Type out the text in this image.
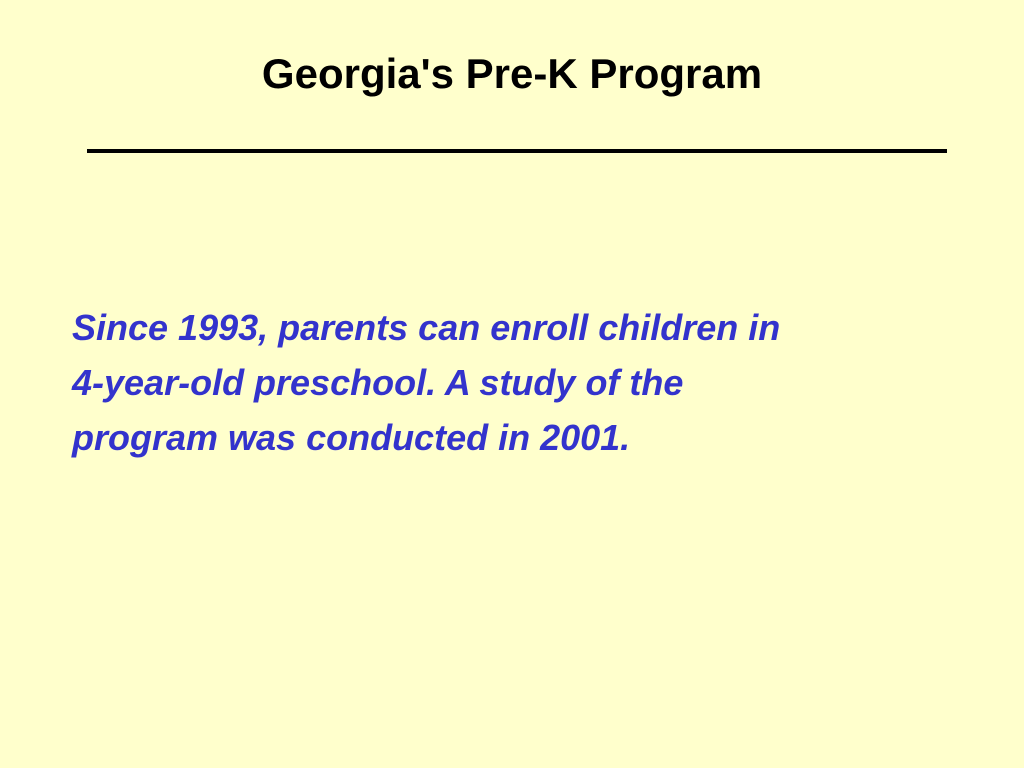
Georgia's Pre-K Program
Since 1993, parents can enroll children in
4-year-old preschool. A study of the
program was conducted in 2001.
